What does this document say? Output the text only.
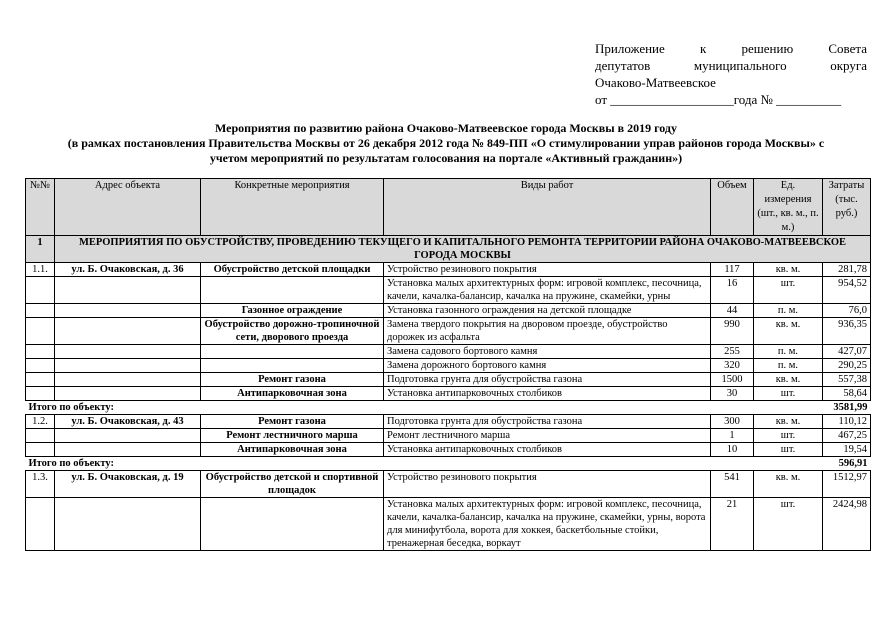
Приложение	к	решению	Совета
депутатов	муниципального	округа
Очаково-Матвеевское
от ___________________года № __________
Мероприятия по развитию района Очаково-Матвеевское города Москвы в 2019 году
(в рамках постановления Правительства Москвы от 26 декабря 2012 года № 849-ПП «О стимулировании управ районов города Москвы» с
учетом мероприятий по результатам голосования на портале «Активный гражданин»)
№№	Адрес объекта	Конкретные мероприятия	Виды работ	Объем	Ед. измерения (шт., кв. м., п. м.)	Затраты (тыс. руб.)
1	МЕРОПРИЯТИЯ ПО ОБУСТРОЙСТВУ, ПРОВЕДЕНИЮ ТЕКУЩЕГО И КАПИТАЛЬНОГО РЕМОНТА ТЕРРИТОРИИ РАЙОНА ОЧАКОВО-МАТВЕЕВСКОЕ ГОРОДА МОСКВЫ					
1.1.	ул. Б. Очаковская, д. 36	Обустройство детской площадки	Устройство резинового покрытия	117	кв. м.	281,78
			Установка малых архитектурных форм: игровой комплекс, песочница, качели, качалка-балансир, качалка на пружине, скамейки, урны	16	шт.	954,52
		Газонное ограждение	Установка газонного ограждения на детской площадке	44	п. м.	76,0
		Обустройство дорожно-тропиночной сети, дворового проезда	Замена твердого покрытия на дворовом проезде, обустройство дорожек из асфальта	990	кв. м.	936,35
			Замена садового бортового камня	255	п. м.	427,07
			Замена дорожного бортового камня	320	п. м.	290,25
		Ремонт газона	Подготовка грунта для обустройства газона	1500	кв. м.	557,38
		Антипарковочная зона	Установка антипарковочных столбиков	30	шт.	58,64
Итого по объекту:						3581,99
1.2.	ул. Б. Очаковская, д. 43	Ремонт газона	Подготовка грунта для обустройства газона	300	кв. м.	110,12
		Ремонт лестничного марша	Ремонт лестничного марша	1	шт.	467,25
		Антипарковочная зона	Установка антипарковочных столбиков	10	шт.	19,54
Итого по объекту:						596,91
1.3.	ул. Б. Очаковская, д. 19	Обустройство детской и спортивной площадок	Устройство резинового покрытия	541	кв. м.	1512,97
			Установка малых архитектурных форм: игровой комплекс, песочница, качели, качалка-балансир, качалка на пружине, скамейки, урны, ворота для минифутбола, ворота для хоккея, баскетбольные стойки, тренажерная беседка, воркаут	21	шт.	2424,98
